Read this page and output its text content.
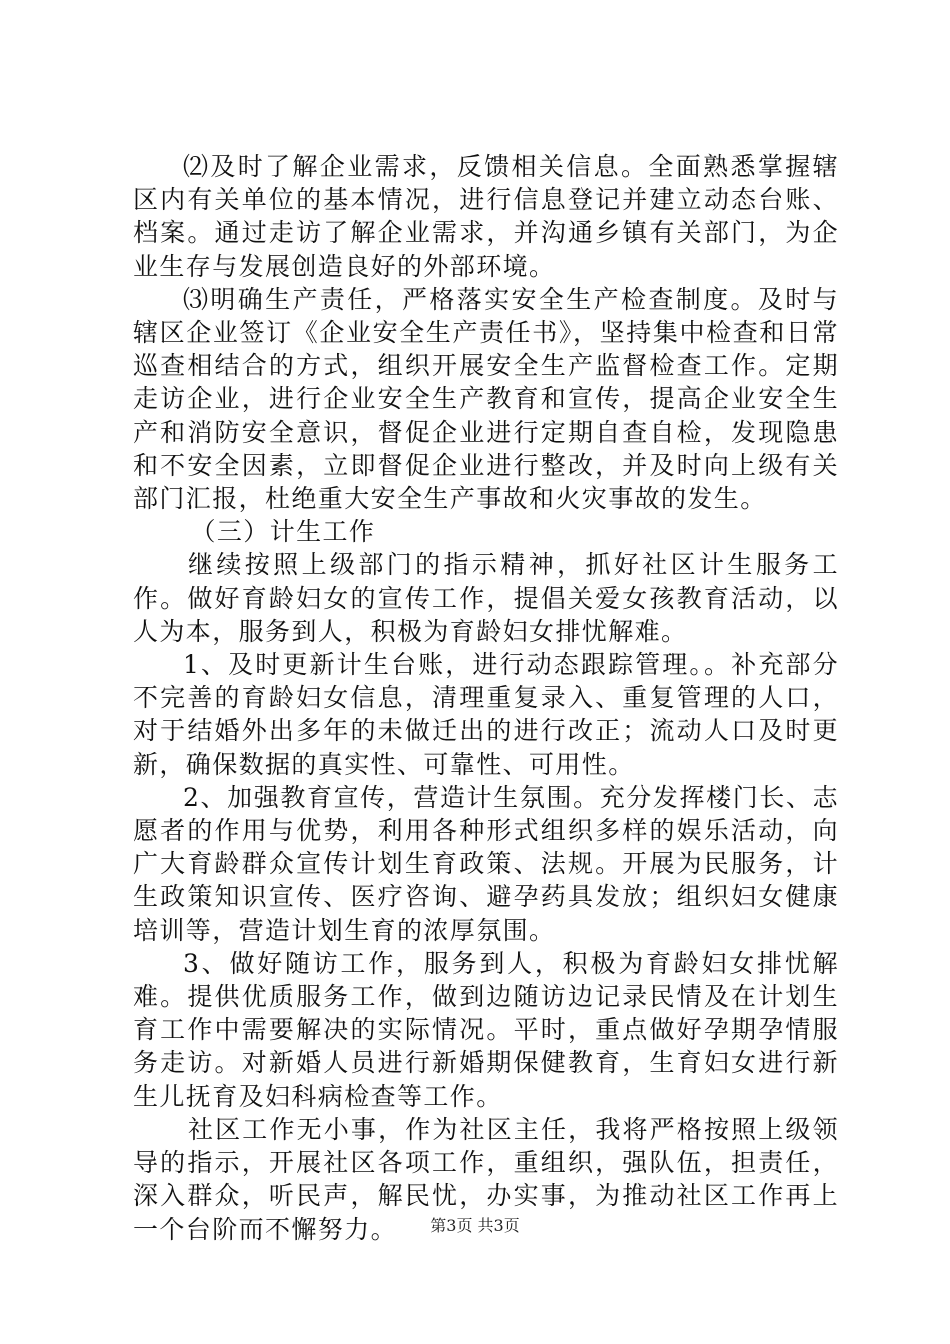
⑵及时了解企业需求，反馈相关信息。全面熟悉掌握辖区内有关单位的基本情况，进行信息登记并建立动态台账、档案。通过走访了解企业需求，并沟通乡镇有关部门，为企业生存与发展创造良好的外部环境。

⑶明确生产责任，严格落实安全生产检查制度。及时与辖区企业签订《企业安全生产责任书》，坚持集中检查和日常巡查相结合的方式，组织开展安全生产监督检查工作。定期走访企业，进行企业安全生产教育和宣传，提高企业安全生产和消防安全意识，督促企业进行定期自查自检，发现隐患和不安全因素，立即督促企业进行整改，并及时向上级有关部门汇报，杜绝重大安全生产事故和火灾事故的发生。

（三）计生工作

继续按照上级部门的指示精神，抓好社区计生服务工作。做好育龄妇女的宣传工作，提倡关爱女孩教育活动，以人为本，服务到人，积极为育龄妇女排忧解难。

1、及时更新计生台账，进行动态跟踪管理。。补充部分不完善的育龄妇女信息，清理重复录入、重复管理的人口，对于结婚外出多年的未做迁出的进行改正；流动人口及时更新，确保数据的真实性、可靠性、可用性。

2、加强教育宣传，营造计生氛围。充分发挥楼门长、志愿者的作用与优势，利用各种形式组织多样的娱乐活动，向广大育龄群众宣传计划生育政策、法规。开展为民服务，计生政策知识宣传、医疗咨询、避孕药具发放；组织妇女健康培训等，营造计划生育的浓厚氛围。

3、做好随访工作，服务到人，积极为育龄妇女排忧解难。提供优质服务工作，做到边随访边记录民情及在计划生育工作中需要解决的实际情况。平时，重点做好孕期孕情服务走访。对新婚人员进行新婚期保健教育，生育妇女进行新生儿抚育及妇科病检查等工作。

社区工作无小事，作为社区主任，我将严格按照上级领导的指示，开展社区各项工作，重组织，强队伍，担责任，深入群众，听民声，解民忧，办实事，为推动社区工作再上一个台阶而不懈努力。	第3页 共3页
